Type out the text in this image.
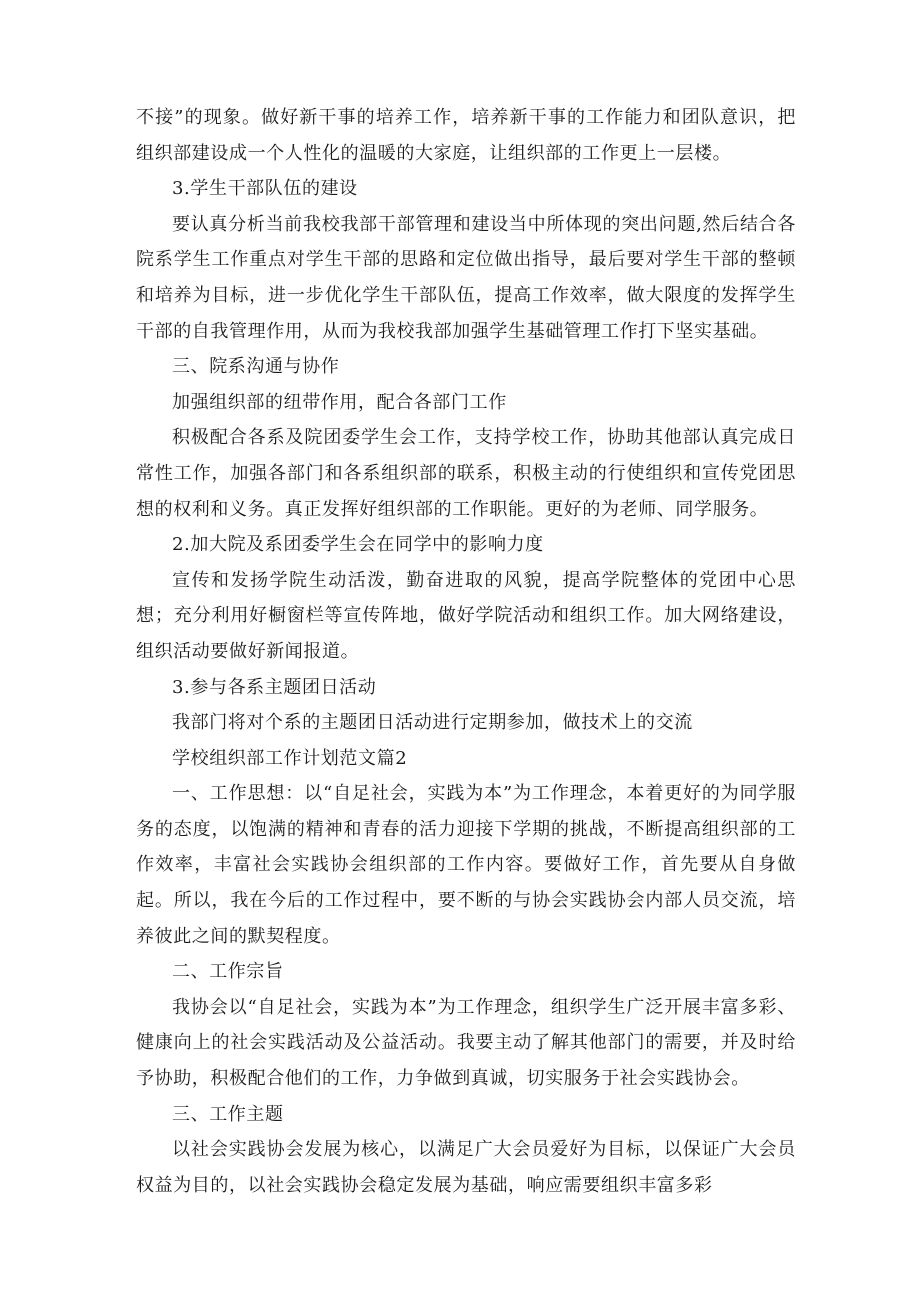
不接”的现象。做好新干事的培养工作，培养新干事的工作能力和团队意识，把组织部建设成一个人性化的温暖的大家庭，让组织部的工作更上一层楼。

3.学生干部队伍的建设

要认真分析当前我校我部干部管理和建设当中所体现的突出问题,然后结合各院系学生工作重点对学生干部的思路和定位做出指导，最后要对学生干部的整顿和培养为目标，进一步优化学生干部队伍，提高工作效率，做大限度的发挥学生干部的自我管理作用，从而为我校我部加强学生基础管理工作打下坚实基础。

三、院系沟通与协作

加强组织部的纽带作用，配合各部门工作

积极配合各系及院团委学生会工作，支持学校工作，协助其他部认真完成日常性工作，加强各部门和各系组织部的联系，积极主动的行使组织和宣传党团思想的权利和义务。真正发挥好组织部的工作职能。更好的为老师、同学服务。

2.加大院及系团委学生会在同学中的影响力度

宣传和发扬学院生动活泼，勤奋进取的风貌，提高学院整体的党团中心思想；充分利用好橱窗栏等宣传阵地，做好学院活动和组织工作。加大网络建设，组织活动要做好新闻报道。

3.参与各系主题团日活动

我部门将对个系的主题团日活动进行定期参加，做技术上的交流

学校组织部工作计划范文篇2

一、工作思想：以“自足社会，实践为本”为工作理念，本着更好的为同学服务的态度，以饱满的精神和青春的活力迎接下学期的挑战，不断提高组织部的工作效率，丰富社会实践协会组织部的工作内容。要做好工作，首先要从自身做起。所以，我在今后的工作过程中，要不断的与协会实践协会内部人员交流，培养彼此之间的默契程度。

二、工作宗旨

我协会以“自足社会，实践为本”为工作理念，组织学生广泛开展丰富多彩、健康向上的社会实践活动及公益活动。我要主动了解其他部门的需要，并及时给予协助，积极配合他们的工作，力争做到真诚，切实服务于社会实践协会。

三、工作主题

以社会实践协会发展为核心，以满足广大会员爱好为目标，以保证广大会员权益为目的，以社会实践协会稳定发展为基础，响应需要组织丰富多彩
